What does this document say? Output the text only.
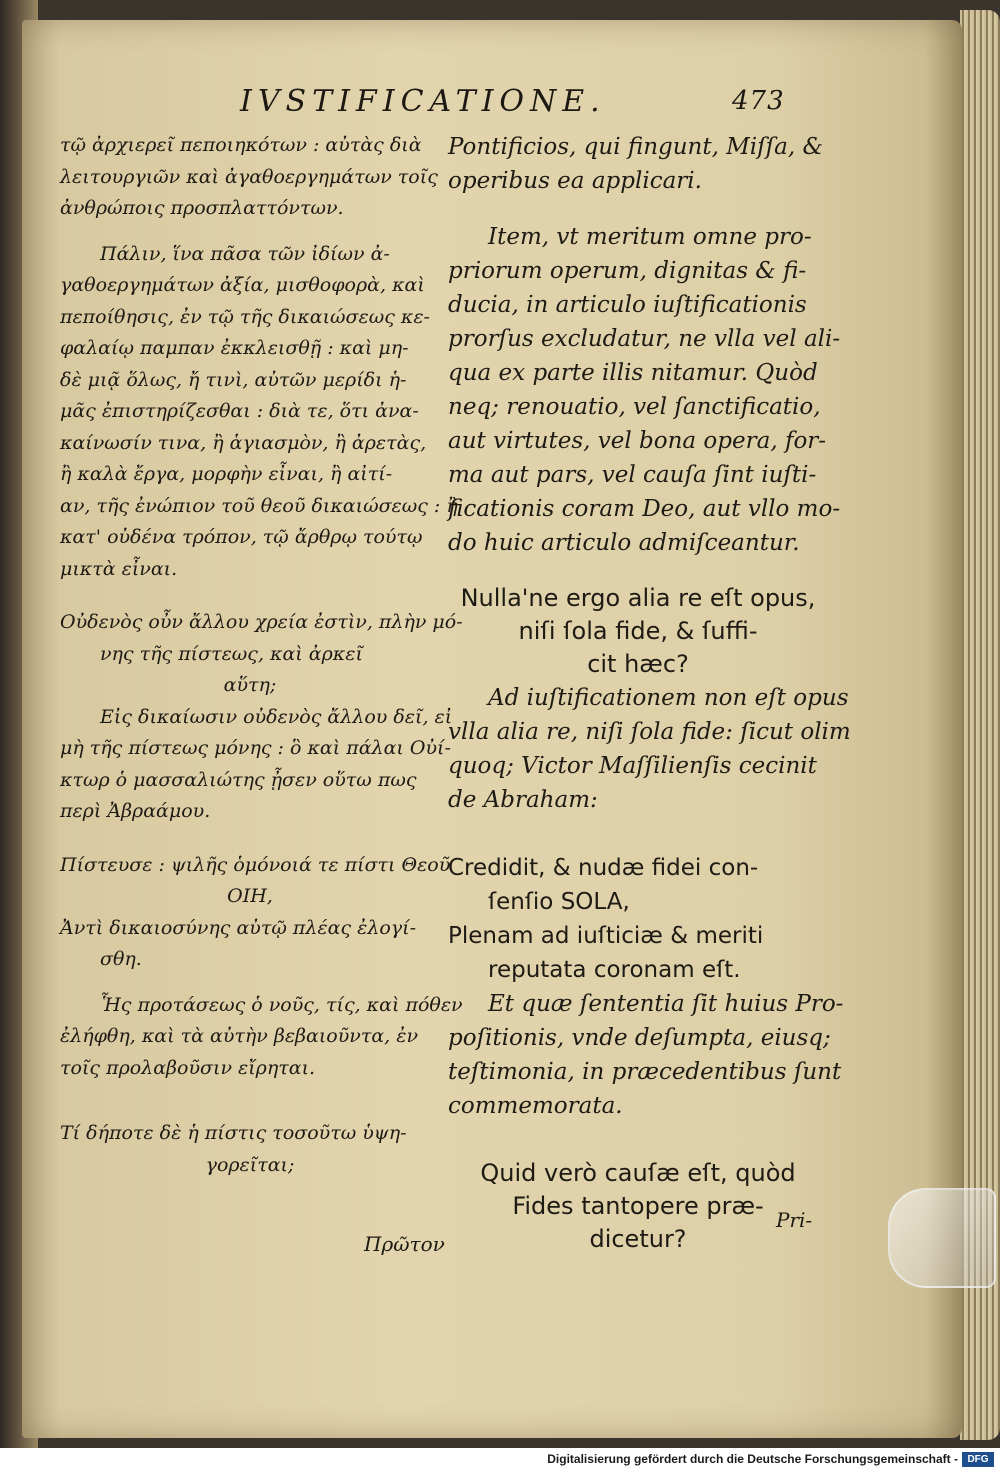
IVSTIFICATIONE.	473
τῷ ἀρχιερεῖ πεποιηκότων : αὐτὰς διὰ
λειτουργιῶν καὶ ἀγαθοεργημάτων τοῖς
ἀνθρώποις προσπλαττόντων.
Πάλιν, ἵνα πᾶσα τῶν ἰδίων ἀ-
γαθοεργημάτων ἀξία, μισθοφορὰ, καὶ
πεποίθησις, ἐν τῷ τῆς δικαιώσεως κε-
φαλαίῳ παμπαν ἐκκλεισθῇ : καὶ μη-
δὲ μιᾷ ὅλως, ἤ τινὶ, αὐτῶν μερίδι ἡ-
μᾶς ἐπιστηρίζεσθαι : διὰ τε, ὅτι ἀνα-
καίνωσίν τινα, ἢ ἁγιασμὸν, ἢ ἀρετὰς,
ἢ καλὰ ἔργα, μορφὴν εἶναι, ἢ αἰτί-
αν, τῆς ἐνώπιον τοῦ θεοῦ δικαιώσεως : ἢ
κατ' οὐδένα τρόπον, τῷ ἄρθρῳ τούτῳ
μικτὰ εἶναι.
Οὐδενὸς οὖν ἄλλου χρεία ἐστὶν, πλὴν μό-
νης τῆς πίστεως, καὶ ἀρκεῖ
αὕτη;
Εἰς δικαίωσιν οὐδενὸς ἄλλου δεῖ, εἰ
μὴ τῆς πίστεως μόνης : ὃ καὶ πάλαι Οὐί-
κτωρ ὁ μασσαλιώτης ᾖσεν οὕτω πως
περὶ Ἀβραάμου.
Πίστευσε : ψιλῆς ὁμόνοιά τε πίστι Θεοῦ
ΟΙΗ,
Ἀντὶ δικαιοσύνης αὐτῷ πλέας ἐλογί-
σθη.
Ἧς προτάσεως ὁ νοῦς, τίς, καὶ πόθεν
ἐλήφθη, καὶ τὰ αὐτὴν βεβαιοῦντα, ἐν
τοῖς προλαβοῦσιν εἴρηται.
Τί δήποτε δὲ ἡ πίστις τοσοῦτω ὑψη-
γορεῖται;
Πρῶτον
Pontificios, qui fingunt, Miſſa, &
operibus ea applicari.
Item, vt meritum omne pro-
priorum operum, dignitas & fi-
ducia, in articulo iuſtificationis
prorſus excludatur, ne vlla vel ali-
qua ex parte illis nitamur. Quòd
neq; renouatio, vel ſanctificatio,
aut virtutes, vel bona opera, for-
ma aut pars, vel cauſa ſint iuſti-
ficationis coram Deo, aut vllo mo-
do huic articulo admiſceantur.
Nulla'ne ergo alia re eſt opus,
niſi ſola fide, & ſuffi-
cit hæc?
Ad iuſtificationem non eſt opus
vlla alia re, niſi ſola fide: ſicut olim
quoq; Victor Maſſilienſis cecinit
de Abraham:
Credidit, & nudæ fidei con-
ſenſio SOLA,
Plenam ad iuſticiæ & meriti
reputata coronam eſt.
Et quæ ſententia ſit huius Pro-
poſitionis, vnde deſumpta, eiusq;
teſtimonia, in præcedentibus ſunt
commemorata.
Quid verò cauſæ eſt, quòd
Fides tantopere præ-
dicetur?
Pri-
Digitalisierung gefördert durch die Deutsche Forschungsgemeinschaft - DFG
